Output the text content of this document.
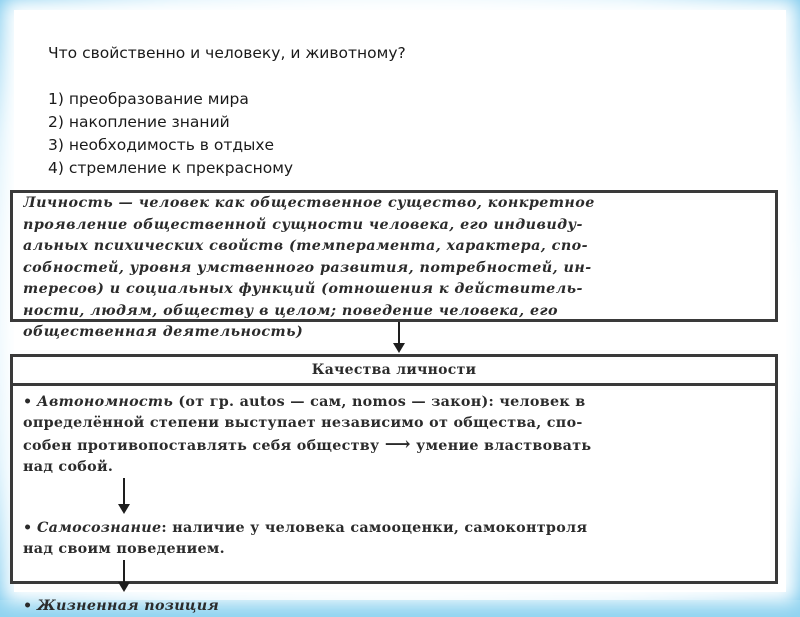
Что свойственно и человеку, и животному?
1) преобразование мира
2) накопление знаний
3) необходимость в отдыхе
4) стремление к прекрасному
Личность — человек как общественное существо, конкретное
проявление общественной сущности человека, его индивиду-
альных психических свойств (темперамента, характера, спо-
собностей, уровня умственного развития, потребностей, ин-
тересов) и социальных функций (отношения к действитель-
ности, людям, обществу в целом; поведение человека, его
общественная деятельность)
Качества личности
• Автономность (от гр. autos — сам, nomos — закон): человек в
определённой степени выступает независимо от общества, спо-
собен противопоставлять себя обществу ⟶ умение властвовать
над собой.
• Самосознание: наличие у человека самооценки, самоконтроля
над своим поведением.
• Жизненная позиция
